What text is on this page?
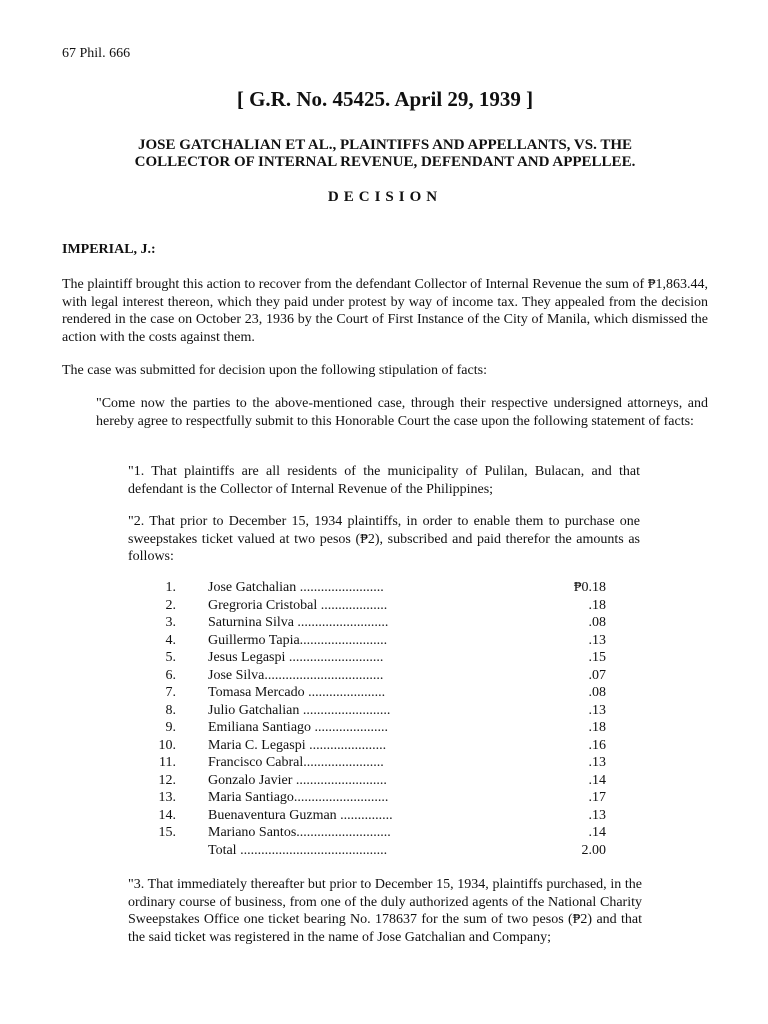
67 Phil. 666
[ G.R. No. 45425. April 29, 1939 ]
JOSE GATCHALIAN ET AL., PLAINTIFFS AND APPELLANTS, VS. THE
COLLECTOR OF INTERNAL REVENUE, DEFENDANT AND APPELLEE.
DECISION
IMPERIAL, J.:

The plaintiff brought this action to recover from the defendant Collector of Internal Revenue the sum of ₱1,863.44, with legal interest thereon, which they paid under protest by way of income tax. They appealed from the decision rendered in the case on October 23, 1936 by the Court of First Instance of the City of Manila, which dismissed the action with the costs against them.

The case was submitted for decision upon the following stipulation of facts:

"Come now the parties to the above-mentioned case, through their respective undersigned attorneys, and hereby agree to respectfully submit to this Honorable Court the case upon the following statement of facts:

"1. That plaintiffs are all residents of the municipality of Pulilan, Bulacan, and that defendant is the Collector of Internal Revenue of the Philippines;

"2. That prior to December 15, 1934 plaintiffs, in order to enable them to purchase one sweepstakes ticket valued at two pesos (₱2), subscribed and paid therefor the amounts as follows:

1. Jose Gatchalian ........................	₱0.18
2. Gregroria Cristobal ...................	.18
3. Saturnina Silva ..........................	.08
4. Guillermo Tapia.........................	.13
5. Jesus Legaspi ...........................	.15
6. Jose Silva..................................	.07
7. Tomasa Mercado ......................	.08
8. Julio Gatchalian .........................	.13
9. Emiliana Santiago .....................	.18
10. Maria C. Legaspi ......................	.16
11. Francisco Cabral.......................	.13
12. Gonzalo Javier ..........................	.14
13. Maria Santiago...........................	.17
14. Buenaventura Guzman ...............	.13
15. Mariano Santos...........................	.14
Total ..........................................	2.00

"3. That immediately thereafter but prior to December 15, 1934, plaintiffs purchased, in the ordinary course of business, from one of the duly authorized agents of the National Charity Sweepstakes Office one ticket bearing No. 178637 for the sum of two pesos (₱2) and that the said ticket was registered in the name of Jose Gatchalian and Company;
